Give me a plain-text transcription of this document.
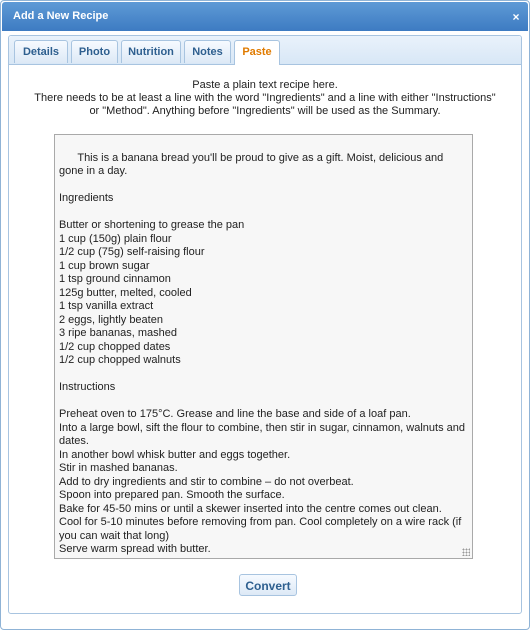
Add a New Recipe	×
Details	Photo	Nutrition	Notes	Paste
Paste a plain text recipe here.
There needs to be at least a line with the word "Ingredients" and a line with either "Instructions"
or "Method". Anything before "Ingredients" will be used as the Summary.

This is a banana bread you'll be proud to give as a gift. Moist, delicious and gone in a day.

Ingredients

Butter or shortening to grease the pan
1 cup (150g) plain flour
1/2 cup (75g) self-raising flour
1 cup brown sugar
1 tsp ground cinnamon
125g butter, melted, cooled
1 tsp vanilla extract
2 eggs, lightly beaten
3 ripe bananas, mashed
1/2 cup chopped dates
1/2 cup chopped walnuts

Instructions

Preheat oven to 175°C. Grease and line the base and side of a loaf pan.
Into a large bowl, sift the flour to combine, then stir in sugar, cinnamon, walnuts and dates.
In another bowl whisk butter and eggs together.
Stir in mashed bananas.
Add to dry ingredients and stir to combine – do not overbeat.
Spoon into prepared pan. Smooth the surface.
Bake for 45-50 mins or until a skewer inserted into the centre comes out clean.
Cool for 5-10 minutes before removing from pan. Cool completely on a wire rack (if you can wait that long)
Serve warm spread with butter.

Convert
